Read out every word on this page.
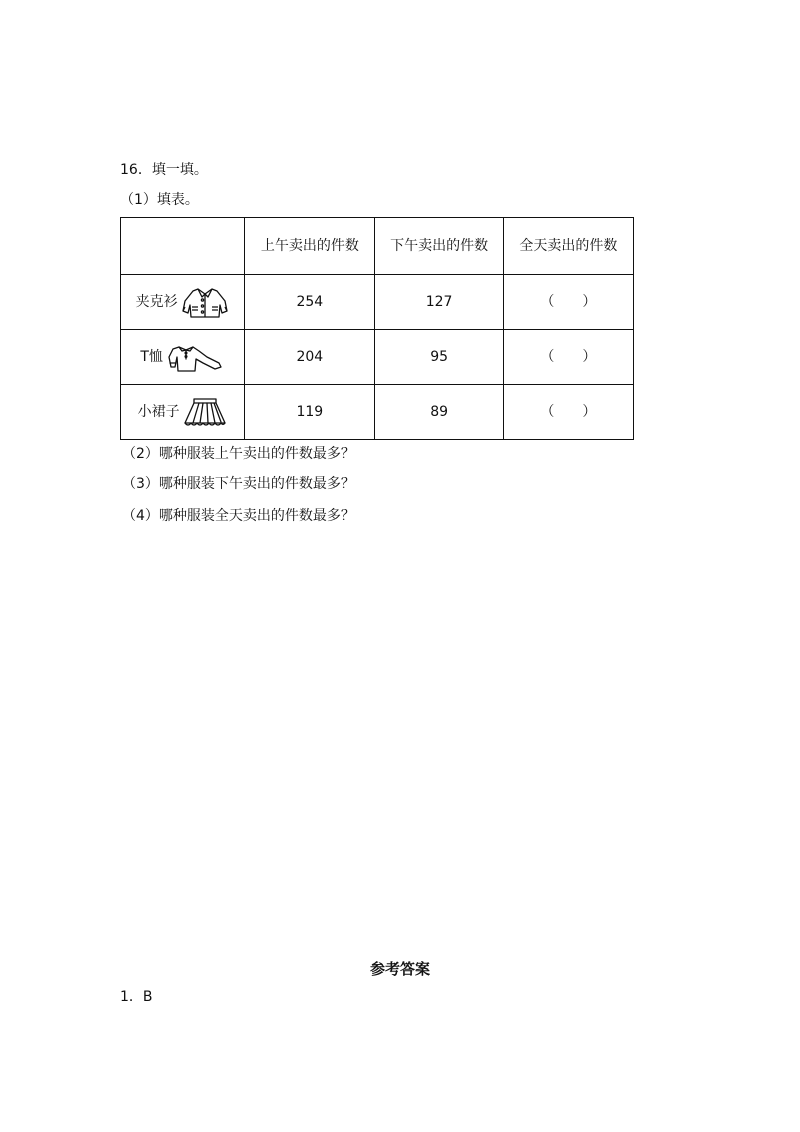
16．填一填。
（1）填表。
	上午卖出的件数	下午卖出的件数	全天卖出的件数

夹克衫	254	127	（ ）

T恤	204	95	（ ）

小裙子	119	89	（ ）
（2）哪种服装上午卖出的件数最多？
（3）哪种服装下午卖出的件数最多？
（4）哪种服装全天卖出的件数最多？
参考答案
1．B
